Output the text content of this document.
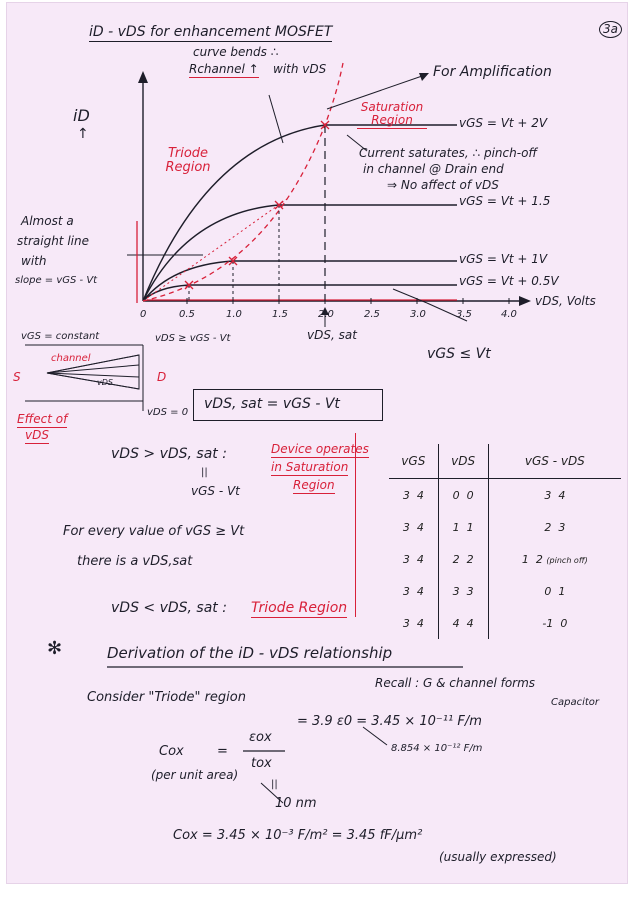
iD - vDS for enhancement MOSFET
curve bends ∴
Rchannel ↑ with vDS
3a
iD
↑
For Amplification
Saturation Region
Triode Region
Current saturates, ∴ pinch-off
in channel @ Drain end
⇒ No affect of vDS
vGS = Vt + 2V
vGS = Vt + 1.5
vGS = Vt + 1V
vGS = Vt + 0.5V
vDS, Volts
0	0.5	1.0	1.5	2.0	2.5	3.0	3.5	4.0
vDS, sat
vGS ≤ Vt
Almost a
straight line
with
slope = vGS - Vt
vGS = constant	vDS ≥ vGS - Vt
channel
S	D
vDS
vDS = 0
Effect of
vDS
vDS, sat = vGS - Vt
vDS > vDS, sat :
||
vGS - Vt
Device operates
in Saturation
Region
For every value of vGS ≥ Vt
there is a vDS,sat
vDS < vDS, sat : Triode Region
vGS	vDS	vGS - vDS
3 4	0 0	3 4
3 4	1 1	2 3
3 4	2 2	1 2 (pinch off)
3 4	3 3	0 1
3 4	4 4	-1 0
✻	Derivation of the iD - vDS relationship
Recall : G & channel forms
Capacitor
Consider "Triode" region
Cox	=
εox
tox
(per unit area)
= 3.9 ε0 = 3.45 × 10⁻¹¹ F/m
8.854 × 10⁻¹² F/m
||
10 nm
Cox = 3.45 × 10⁻³ F/m² = 3.45 fF/μm²
(usually expressed)
